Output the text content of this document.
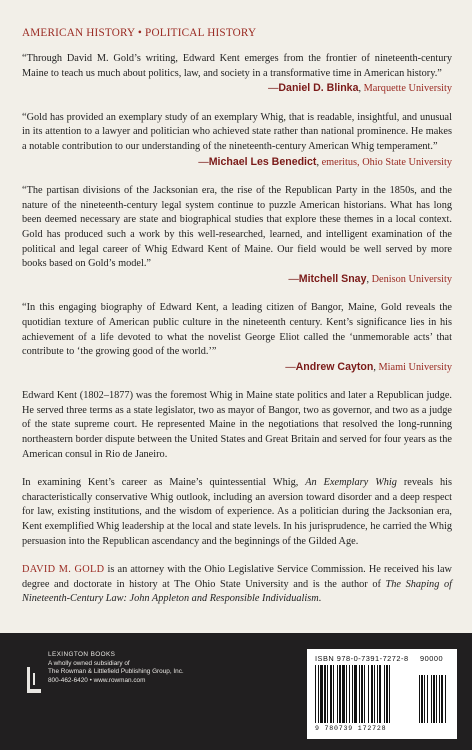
AMERICAN HISTORY • POLITICAL HISTORY

“Through David M. Gold’s writing, Edward Kent emerges from the frontier of nineteenth-century Maine to teach us much about politics, law, and society in a transformative time in American history.”

—Daniel D. Blinka, Marquette University

“Gold has provided an exemplary study of an exemplary Whig, that is readable, insightful, and unusual in its attention to a lawyer and politician who achieved state rather than national prominence. He makes a notable contribution to our understanding of the nineteenth-century American Whig temperament.”

—Michael Les Benedict, emeritus, Ohio State University

“The partisan divisions of the Jacksonian era, the rise of the Republican Party in the 1850s, and the nature of the nineteenth-century legal system continue to puzzle American historians. What has long been deemed necessary are state and biographical studies that explore these themes in a local context. Gold has produced such a work by this well-researched, learned, and intelligent examination of the political and legal career of Whig Edward Kent of Maine. Our field would be well served by more books based on Gold’s model.”

—Mitchell Snay, Denison University

“In this engaging biography of Edward Kent, a leading citizen of Bangor, Maine, Gold reveals the quotidian texture of American public culture in the nineteenth century. Kent’s significance lies in his achievement of a life devoted to what the novelist George Eliot called the ‘unmemorable acts’ that contribute to ‘the growing good of the world.’”

—Andrew Cayton, Miami University

Edward Kent (1802–1877) was the foremost Whig in Maine state politics and later a Republican judge. He served three terms as a state legislator, two as mayor of Bangor, two as governor, and two as a judge of the state supreme court. He represented Maine in the negotiations that resolved the long-running northeastern border dispute between the United States and Great Britain and served for four years as the American consul in Rio de Janeiro.

In examining Kent’s career as Maine’s quintessential Whig, An Exemplary Whig reveals his characteristically conservative Whig outlook, including an aversion toward disorder and a deep respect for law, existing institutions, and the wisdom of experience. As a politician during the Jacksonian era, Kent exemplified Whig leadership at the local and state levels. In his jurisprudence, he carried the Whig persuasion into the Republican ascendancy and the beginnings of the Gilded Age.

DAVID M. GOLD is an attorney with the Ohio Legislative Service Commission. He received his law degree and doctorate in history at The Ohio State University and is the author of The Shaping of Nineteenth-Century Law: John Appleton and Responsible Individualism.

LEXINGTON BOOKS
A wholly owned subsidiary of
The Rowman & Littlefield Publishing Group, Inc.
800-462-6420 • www.rowman.com
ISBN 978-0-7391-7272-8 90000
9 780739 172728
